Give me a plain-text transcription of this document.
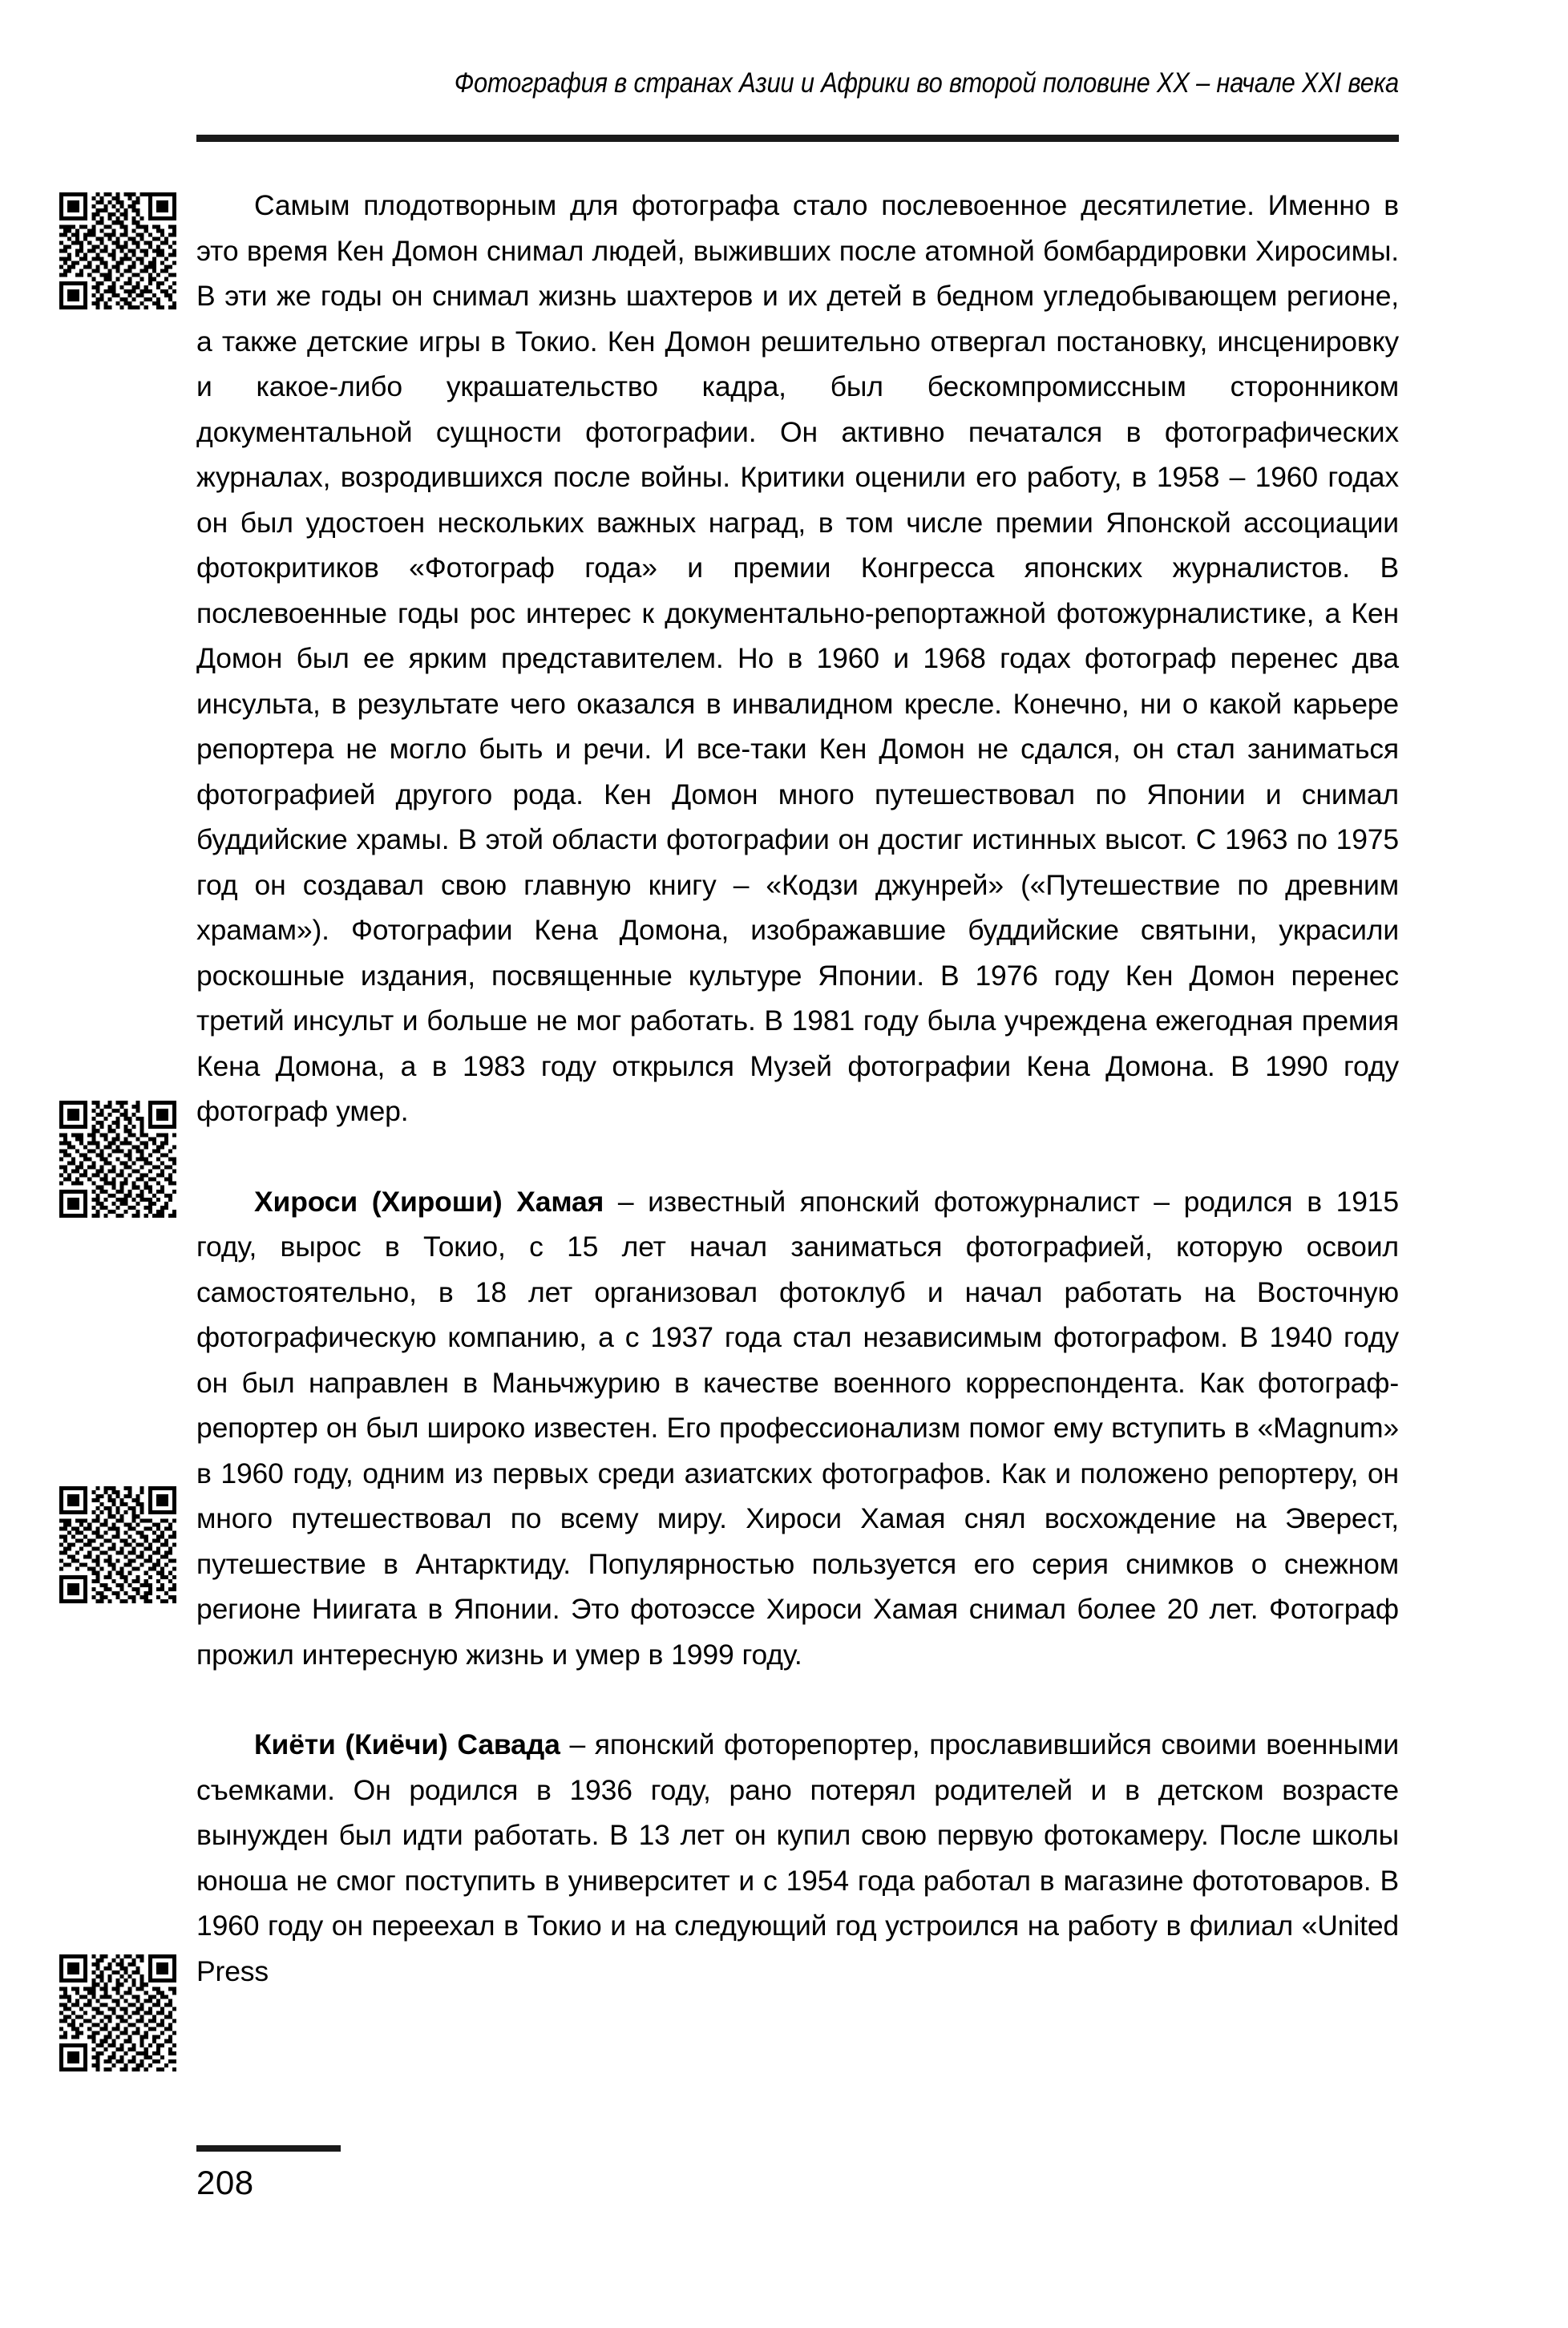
Фотография в странах Азии и Африки во второй половине XX – начале XXI века

Самым плодотворным для фотографа стало послевоенное десятилетие. Именно в это время Кен Домон снимал людей, выживших после атомной бомбардировки Хиросимы. В эти же годы он снимал жизнь шахтеров и их детей в бедном угледобывающем регионе, а также детские игры в Токио. Кен Домон решительно отвергал постановку, инсценировку и какое-либо украшательство кадра, был бескомпромиссным сторонником документальной сущности фотографии. Он активно печатался в фотографических журналах, возродившихся после войны. Критики оценили его работу, в 1958 – 1960 годах он был удостоен нескольких важных наград, в том числе премии Японской ассоциации фотокритиков «Фотограф года» и премии Конгресса японских журналистов. В послевоенные годы рос интерес к документально-репортажной фотожурналистике, а Кен Домон был ее ярким представителем. Но в 1960 и 1968 годах фотограф перенес два инсульта, в результате чего оказался в инвалидном кресле. Конечно, ни о какой карьере репортера не могло быть и речи. И все-таки Кен Домон не сдался, он стал заниматься фотографией другого рода. Кен Домон много путешествовал по Японии и снимал буддийские храмы. В этой области фотографии он достиг истинных высот. С 1963 по 1975 год он создавал свою главную книгу – «Кодзи джунрей» («Путешествие по древним храмам»). Фотографии Кена Домона, изображавшие буддийские святыни, украсили роскошные издания, посвященные культуре Японии. В 1976 году Кен Домон перенес третий инсульт и больше не мог работать. В 1981 году была учреждена ежегодная премия Кена Домона, а в 1983 году открылся Музей фотографии Кена Домона. В 1990 году фотограф умер.

Хироси (Хироши) Хамая – известный японский фотожурналист – родился в 1915 году, вырос в Токио, с 15 лет начал заниматься фотографией, которую освоил самостоятельно, в 18 лет организовал фотоклуб и начал работать на Восточную фотографическую компанию, а с 1937 года стал независимым фотографом. В 1940 году он был направлен в Маньчжурию в качестве военного корреспондента. Как фотограф-репортер он был широко известен. Его профессионализм помог ему вступить в «Magnum» в 1960 году, одним из первых среди азиатских фотографов. Как и положено репортеру, он много путешествовал по всему миру. Хироси Хамая снял восхождение на Эверест, путешествие в Антарктиду. Популярностью пользуется его серия снимков о снежном регионе Ниигата в Японии. Это фотоэссе Хироси Хамая снимал более 20 лет. Фотограф прожил интересную жизнь и умер в 1999 году.

Киёти (Киёчи) Савада – японский фоторепортер, прославившийся своими военными съемками. Он родился в 1936 году, рано потерял родителей и в детском возрасте вынужден был идти работать. В 13 лет он купил свою первую фотокамеру. После школы юноша не смог поступить в университет и с 1954 года работал в магазине фототоваров. В 1960 году он переехал в Токио и на следующий год устроился на работу в филиал «United Press

208
